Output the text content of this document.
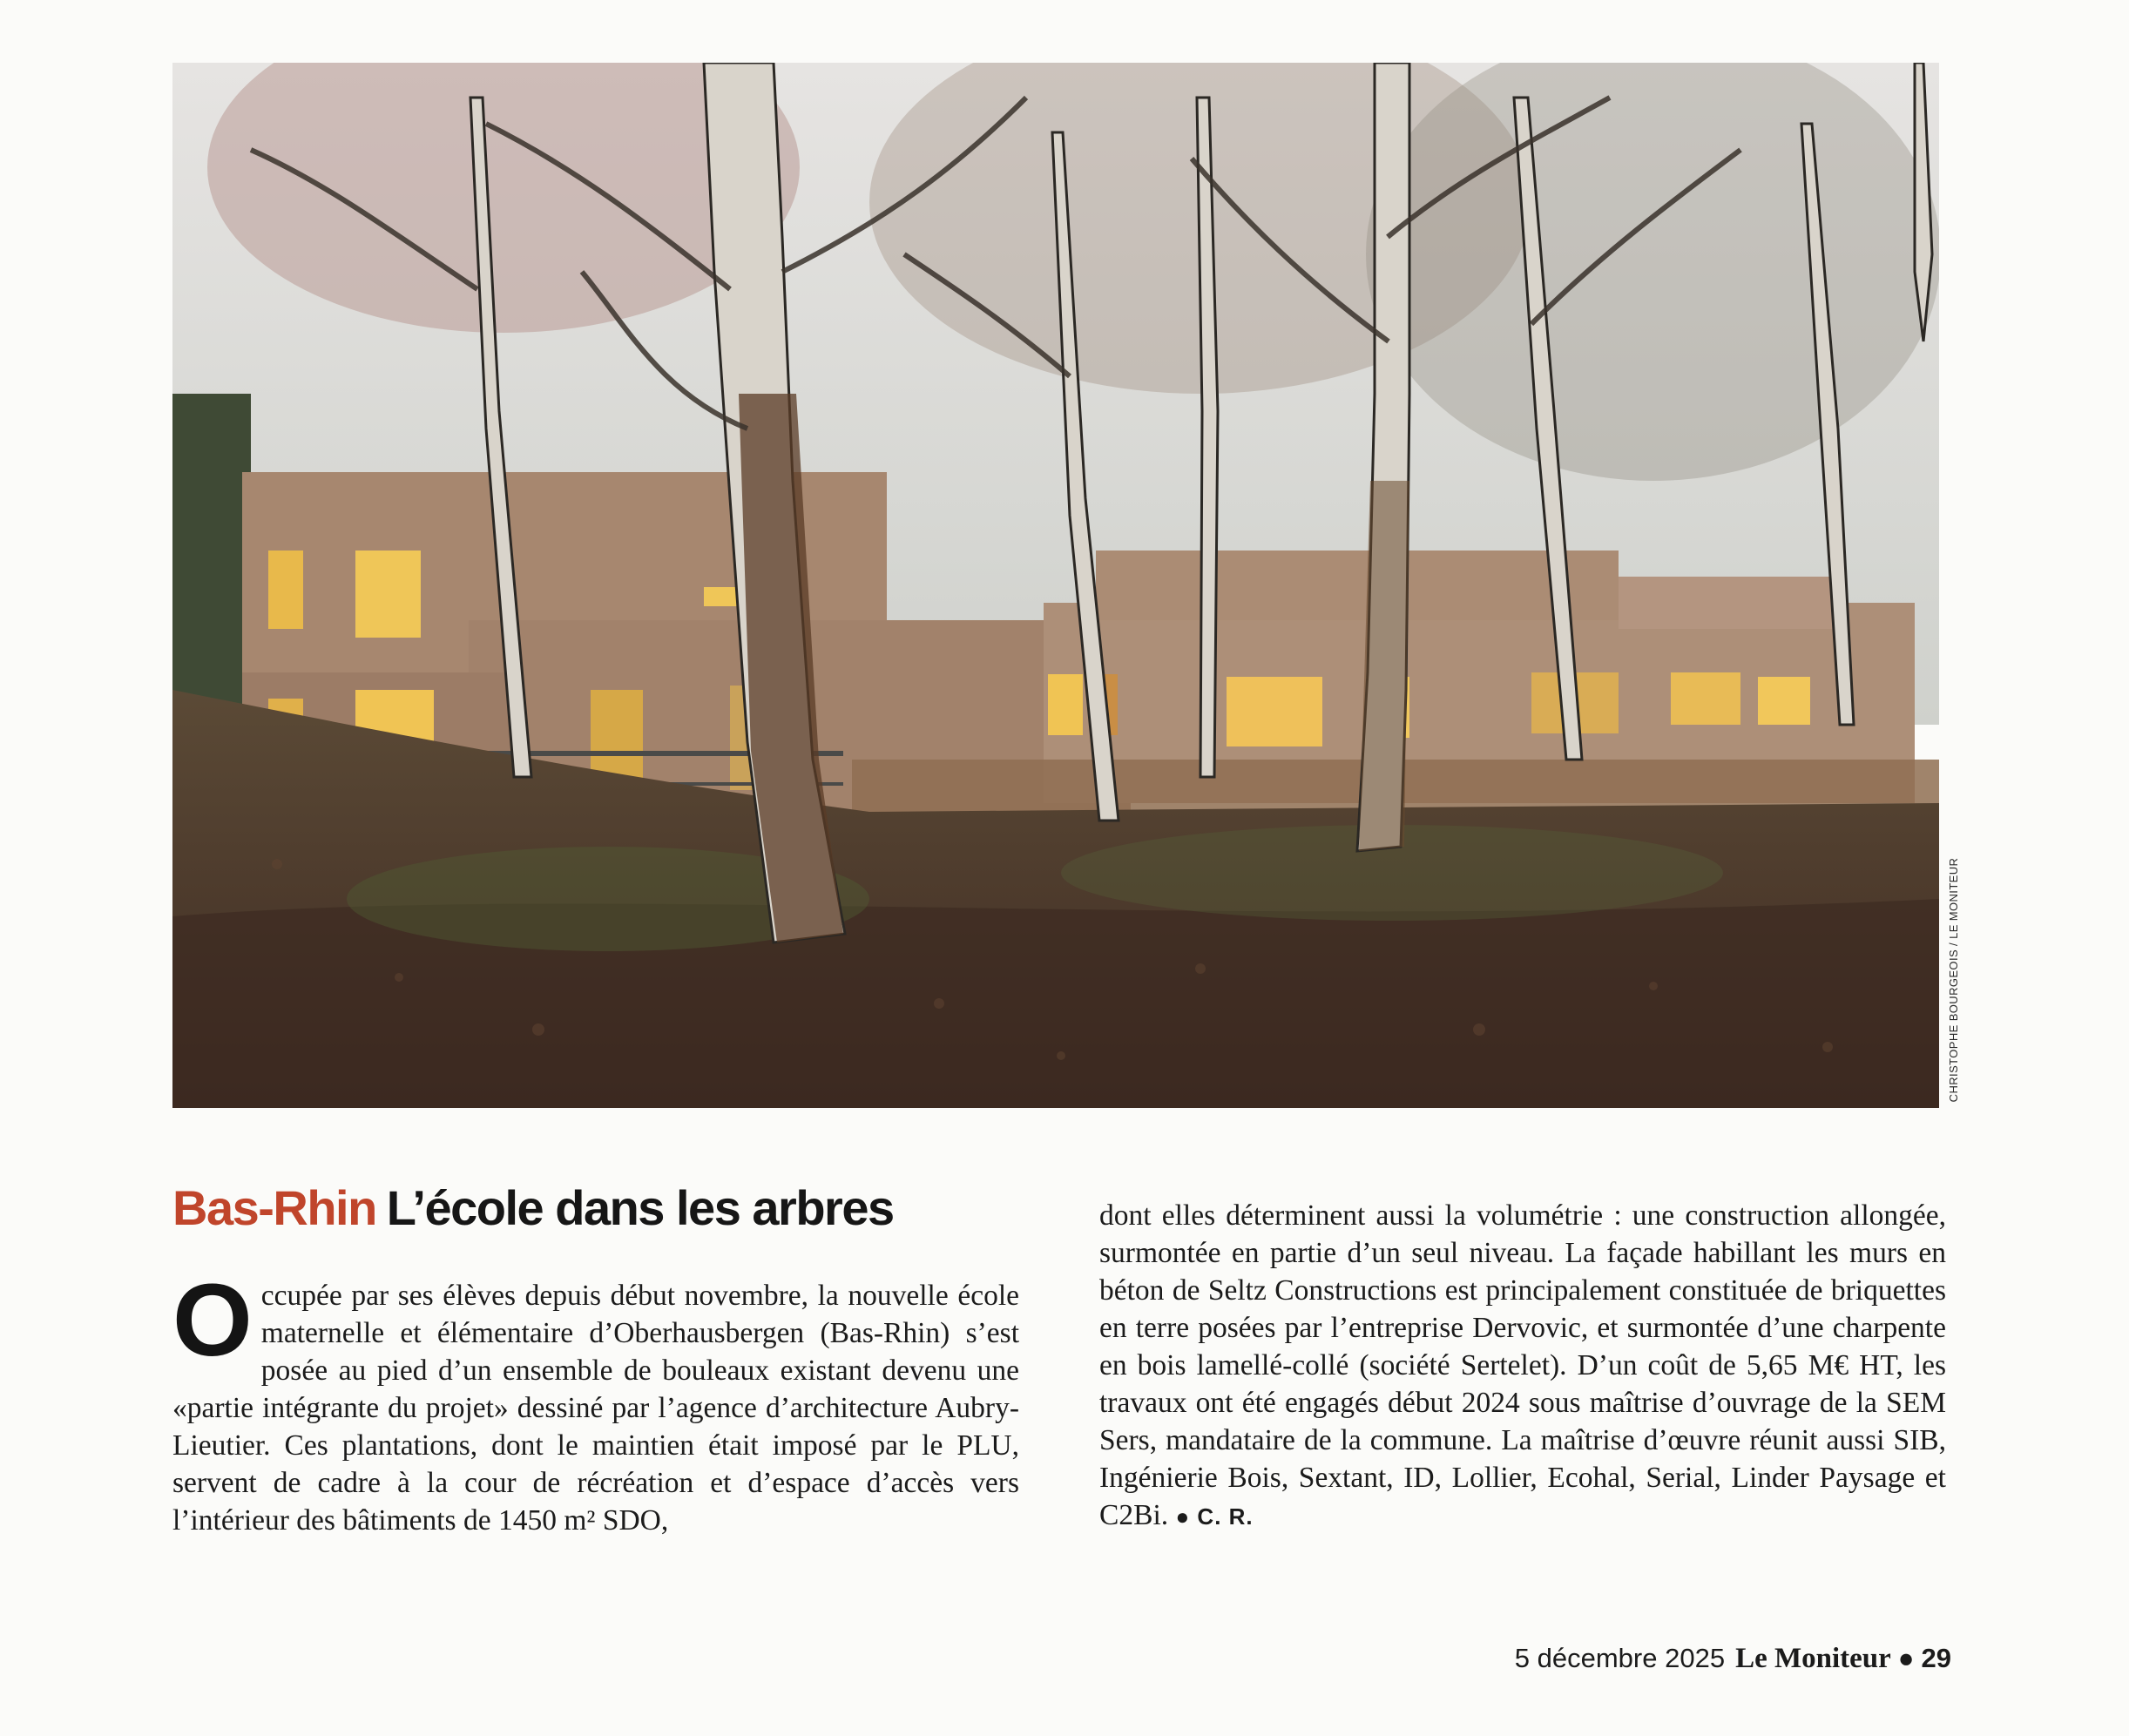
CHRISTOPHE BOURGEOIS / LE MONITEUR
Bas-Rhin L’école dans les arbres
Occupée par ses élèves depuis début novembre, la nouvelle école maternelle et élémentaire d’Oberhausbergen (Bas-Rhin) s’est posée au pied d’un ensemble de bouleaux existant devenu une «partie intégrante du projet» dessiné par l’agence d’architecture Aubry-Lieutier. Ces plantations, dont le maintien était imposé par le PLU, servent de cadre à la cour de récréation et d’espace d’accès vers l’intérieur des bâtiments de 1450 m² SDO,
dont elles déterminent aussi la volumétrie : une construction allongée, surmontée en partie d’un seul niveau. La façade habillant les murs en béton de Seltz Constructions est principalement constituée de briquettes en terre posées par l’entreprise Dervovic, et surmontée d’une charpente en bois lamellé-collé (société Sertelet). D’un coût de 5,65 M€ HT, les travaux ont été engagés début 2024 sous maîtrise d’ouvrage de la SEM Sers, mandataire de la commune. La maîtrise d’œuvre réunit aussi SIB, Ingénierie Bois, Sextant, ID, Lollier, Ecohal, Serial, Linder Paysage et C2Bi. ● C. R.
5 décembre 2025 Le Moniteur ● 29
